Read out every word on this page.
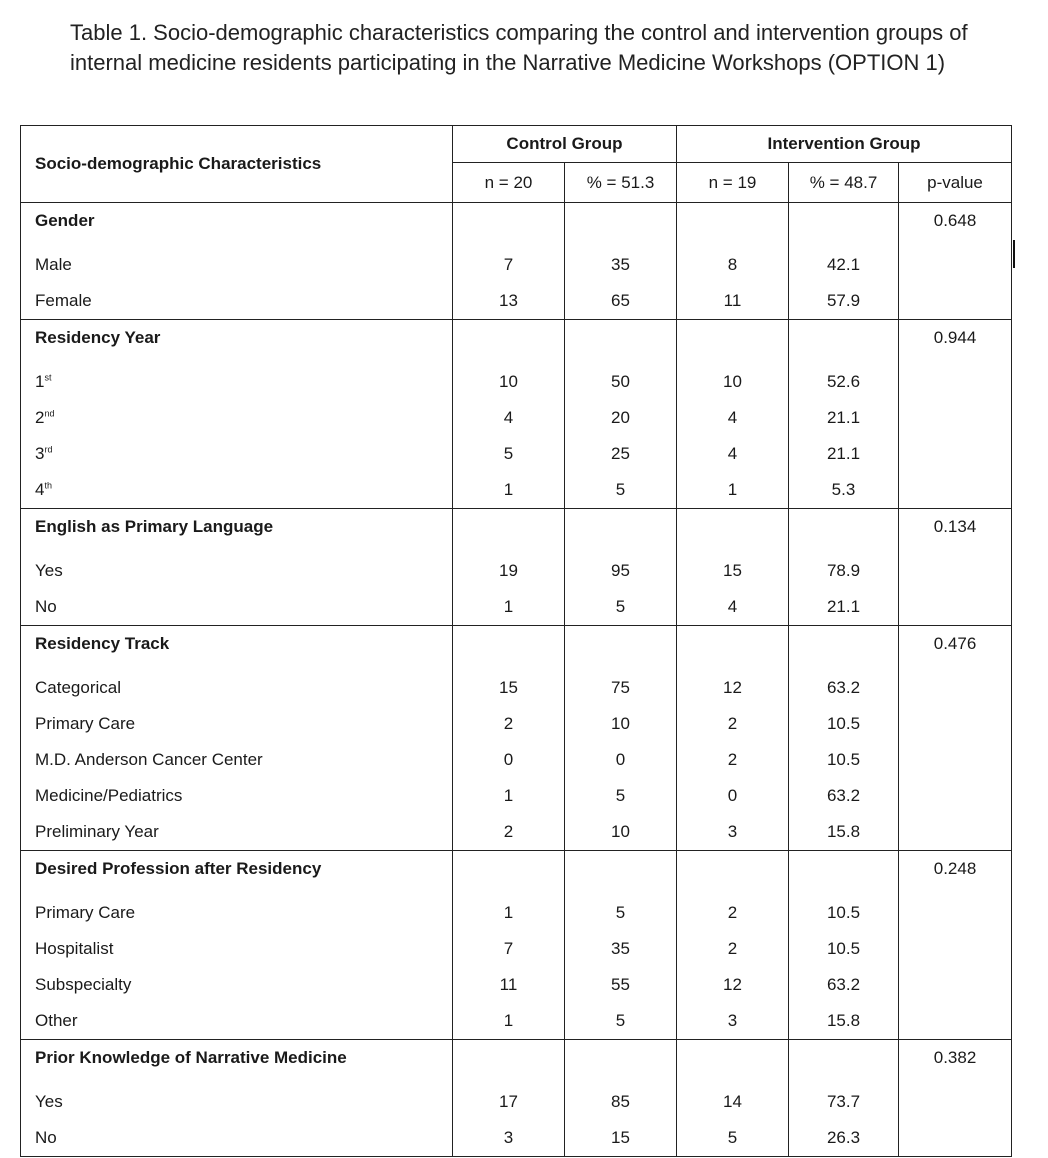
Table 1. Socio-demographic characteristics comparing the control and intervention groups of internal medicine residents participating in the Narrative Medicine Workshops (OPTION 1)
Socio-demographic Characteristics	Control Group		Intervention Group		
	n = 20	% = 51.3	n = 19	% = 48.7	p-value
Gender					0.648
Male	7	35	8	42.1	
Female	13	65	11	57.9	
Residency Year					0.944
1st	10	50	10	52.6	
2nd	4	20	4	21.1	
3rd	5	25	4	21.1	
4th	1	5	1	5.3	
English as Primary Language					0.134
Yes	19	95	15	78.9	
No	1	5	4	21.1	
Residency Track					0.476
Categorical	15	75	12	63.2	
Primary Care	2	10	2	10.5	
M.D. Anderson Cancer Center	0	0	2	10.5	
Medicine/Pediatrics	1	5	0	63.2	
Preliminary Year	2	10	3	15.8	
Desired Profession after Residency					0.248
Primary Care	1	5	2	10.5	
Hospitalist	7	35	2	10.5	
Subspecialty	11	55	12	63.2	
Other	1	5	3	15.8	
Prior Knowledge of Narrative Medicine					0.382
Yes	17	85	14	73.7	
No	3	15	5	26.3	
